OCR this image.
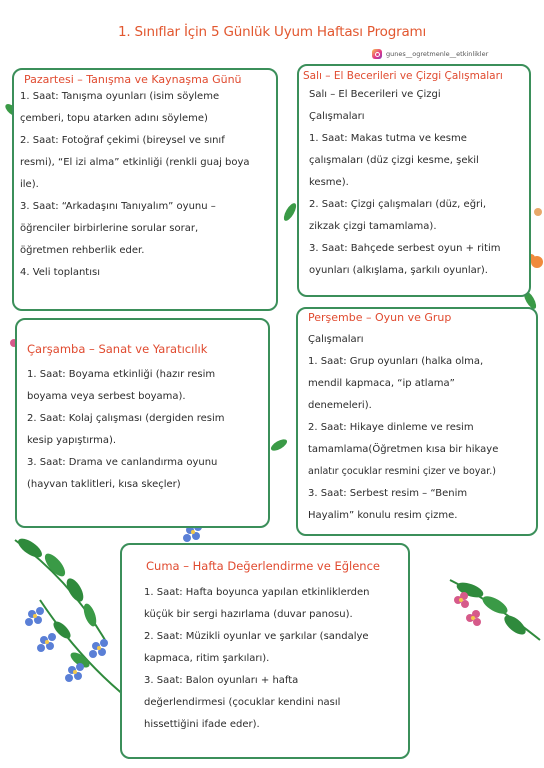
1. Sınıflar İçin 5 Günlük Uyum Haftası Programı
gunes__ogretmenle__etkinlikler
Pazartesi – Tanışma ve Kaynaşma Günü
1. Saat: Tanışma oyunları (isim söyleme
çemberi, topu atarken adını söyleme)
2. Saat: Fotoğraf çekimi (bireysel ve sınıf
resmi), “El izi alma” etkinliği (renkli guaj boya
ile).
3. Saat: “Arkadaşını Tanıyalım” oyunu –
öğrenciler birbirlerine sorular sorar,
öğretmen rehberlik eder.
4. Veli toplantısı
Salı – El Becerileri ve Çizgi Çalışmaları
Salı – El Becerileri ve Çizgi
Çalışmaları
1. Saat: Makas tutma ve kesme
çalışmaları (düz çizgi kesme, şekil
kesme).
2. Saat: Çizgi çalışmaları (düz, eğri,
zikzak çizgi tamamlama).
3. Saat: Bahçede serbest oyun + ritim
oyunları (alkışlama, şarkılı oyunlar).
Çarşamba – Sanat ve Yaratıcılık
1. Saat: Boyama etkinliği (hazır resim
boyama veya serbest boyama).
2. Saat: Kolaj çalışması (dergiden resim
kesip yapıştırma).
3. Saat: Drama ve canlandırma oyunu
(hayvan taklitleri, kısa skeçler)
Perşembe – Oyun ve Grup
Çalışmaları
1. Saat: Grup oyunları (halka olma,
mendil kapmaca, “ip atlama”
denemeleri).
2. Saat: Hikaye dinleme ve resim
tamamlama(Öğretmen kısa bir hikaye
anlatır çocuklar resmini çizer ve boyar.)
3. Saat: Serbest resim – “Benim
Hayalim” konulu resim çizme.
Cuma – Hafta Değerlendirme ve Eğlence
1. Saat: Hafta boyunca yapılan etkinliklerden
küçük bir sergi hazırlama (duvar panosu).
2. Saat: Müzikli oyunlar ve şarkılar (sandalye
kapmaca, ritim şarkıları).
3. Saat: Balon oyunları + hafta
değerlendirmesi (çocuklar kendini nasıl
hissettiğini ifade eder).
